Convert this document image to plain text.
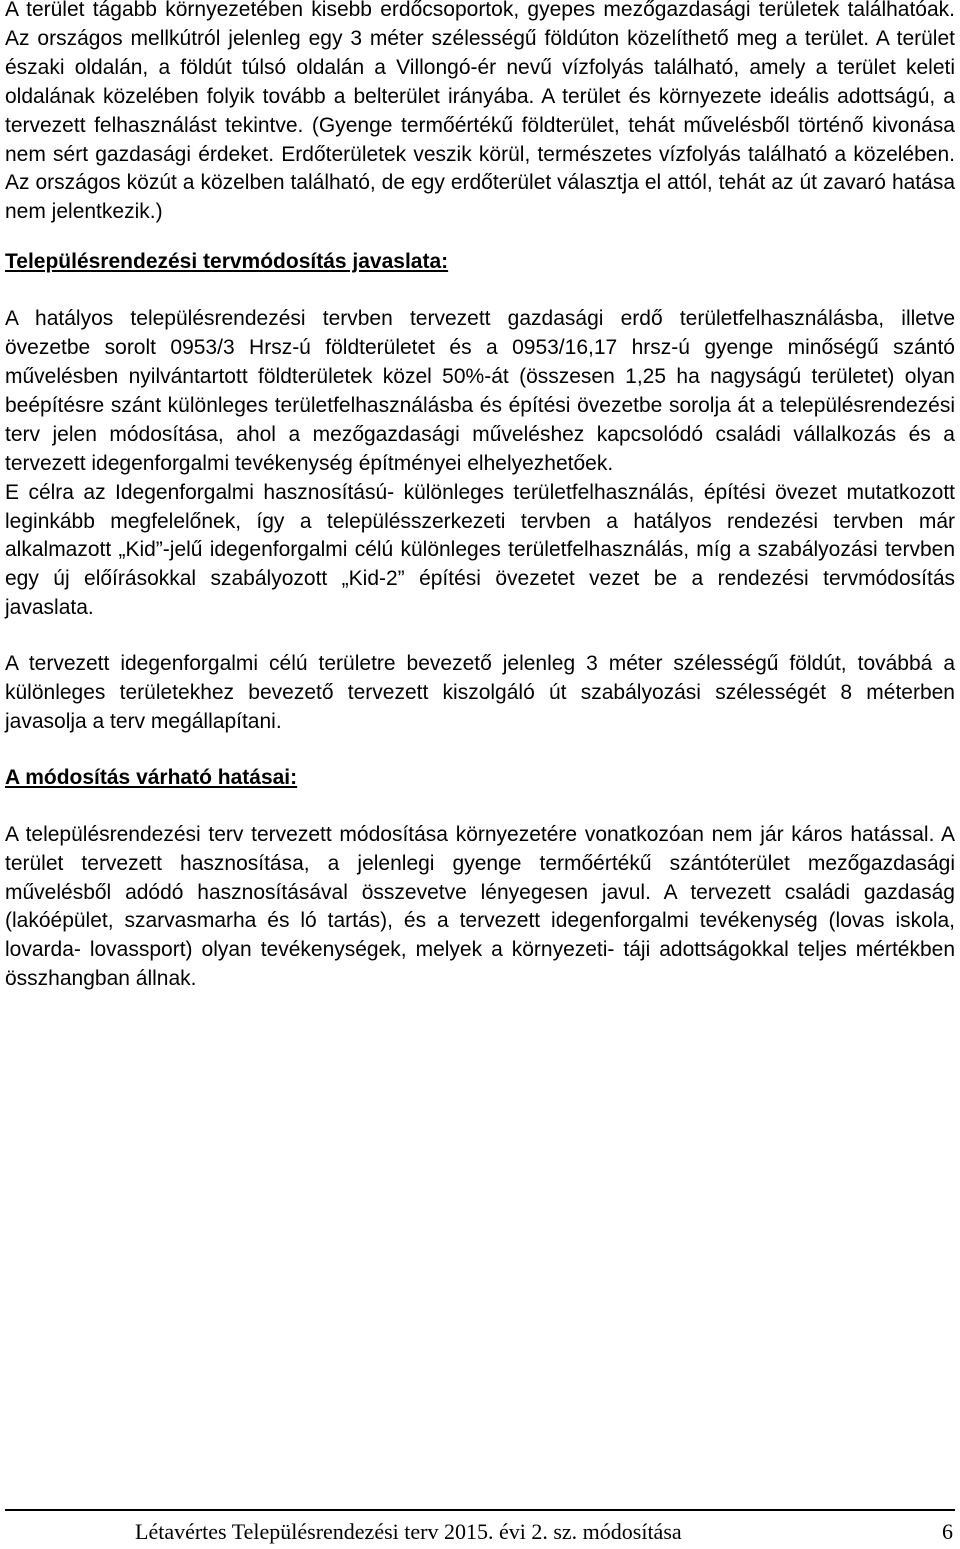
A terület tágabb környezetében kisebb erdőcsoportok, gyepes mezőgazdasági területek találhatóak. Az országos mellkútról jelenleg egy 3 méter szélességű földúton közelíthető meg a terület. A terület északi oldalán, a földút túlsó oldalán a Villongó-ér nevű vízfolyás található, amely a terület keleti oldalának közelében folyik tovább a belterület irányába. A terület és környezete ideális adottságú, a tervezett felhasználást tekintve. (Gyenge termőértékű földterület, tehát művelésből történő kivonása nem sért gazdasági érdeket. Erdőterületek veszik körül, természetes vízfolyás található a közelében. Az országos közút a közelben található, de egy erdőterület választja el attól, tehát az út zavaró hatása nem jelentkezik.)

Településrendezési tervmódosítás javaslata:

A hatályos településrendezési tervben tervezett gazdasági erdő területfelhasználásba, illetve övezetbe sorolt 0953/3 Hrsz-ú földterületet és a 0953/16,17 hrsz-ú gyenge minőségű szántó művelésben nyilvántartott földterületek közel 50%-át (összesen 1,25 ha nagyságú területet) olyan beépítésre szánt különleges területfelhasználásba és építési övezetbe sorolja át a településrendezési terv jelen módosítása, ahol a mezőgazdasági műveléshez kapcsolódó családi vállalkozás és a tervezett idegenforgalmi tevékenység építményei elhelyezhetőek.

E célra az Idegenforgalmi hasznosítású- különleges területfelhasználás, építési övezet mutatkozott leginkább megfelelőnek, így a településszerkezeti tervben a hatályos rendezési tervben már alkalmazott „Kid”-jelű idegenforgalmi célú különleges területfelhasználás, míg a szabályozási tervben egy új előírásokkal szabályozott „Kid-2” építési övezetet vezet be a rendezési tervmódosítás javaslata.

A tervezett idegenforgalmi célú területre bevezető jelenleg 3 méter szélességű földút, továbbá a különleges területekhez bevezető tervezett kiszolgáló út szabályozási szélességét 8 méterben javasolja a terv megállapítani.

A módosítás várható hatásai:

A településrendezési terv tervezett módosítása környezetére vonatkozóan nem jár káros hatással. A terület tervezett hasznosítása, a jelenlegi gyenge termőértékű szántóterület mezőgazdasági művelésből adódó hasznosításával összevetve lényegesen javul. A tervezett családi gazdaság (lakóépület, szarvasmarha és ló tartás), és a tervezett idegenforgalmi tevékenység (lovas iskola, lovarda- lovassport) olyan tevékenységek, melyek a környezeti- táji adottságokkal teljes mértékben összhangban állnak.

Létavértes Településrendezési terv 2015. évi 2. sz. módosítása	6
